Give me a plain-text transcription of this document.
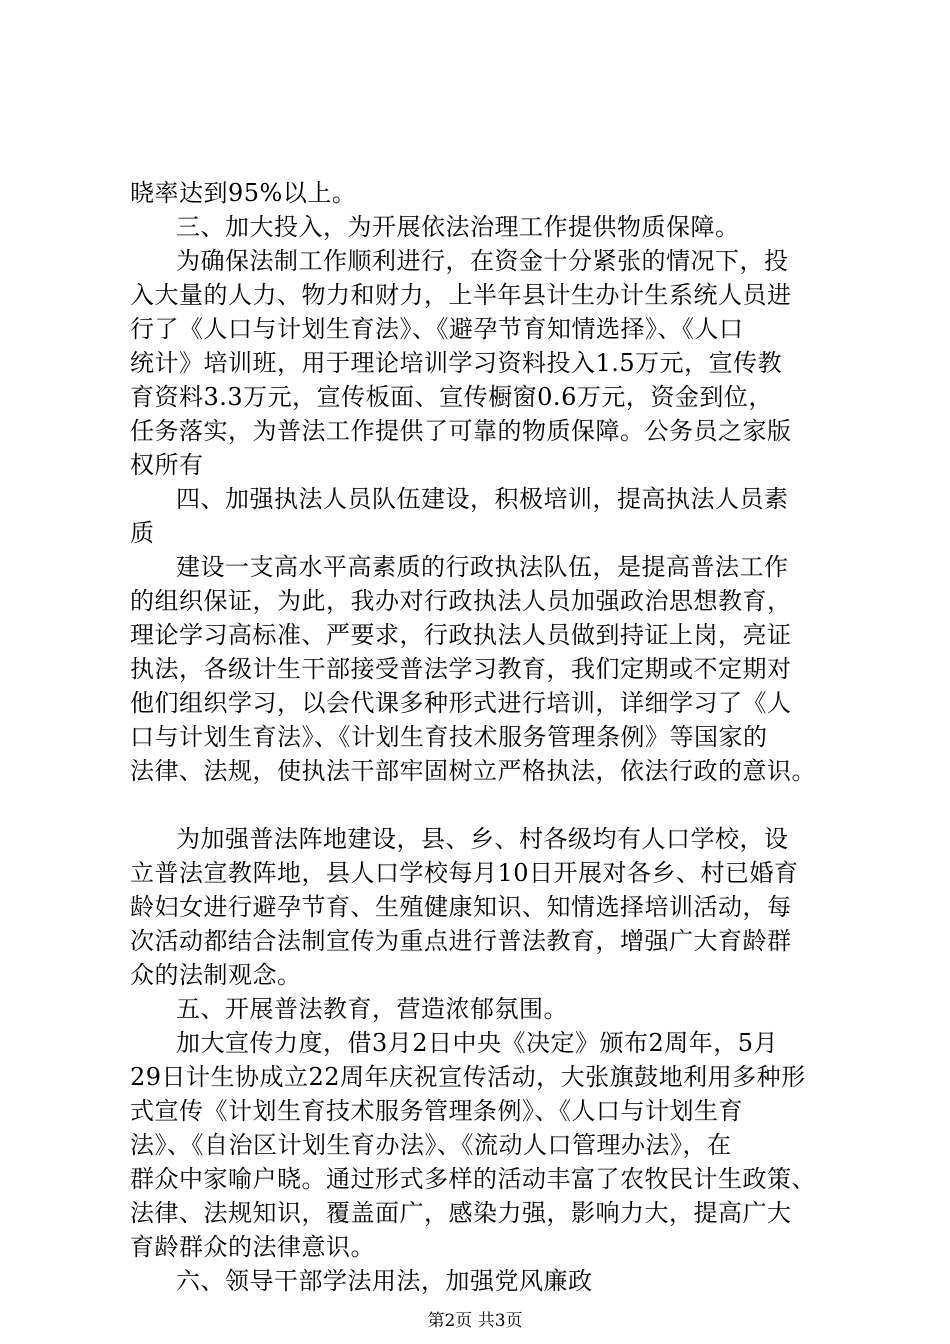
晓率达到95%以上。
三、加大投入，为开展依法治理工作提供物质保障。
为确保法制工作顺利进行，在资金十分紧张的情况下，投
入大量的人力、物力和财力，上半年县计生办计生系统人员进
行了《人口与计划生育法》、《避孕节育知情选择》、《人口
统计》培训班，用于理论培训学习资料投入1.5万元，宣传教
育资料3.3万元，宣传板面、宣传橱窗0.6万元，资金到位，
任务落实，为普法工作提供了可靠的物质保障。公务员之家版
权所有
四、加强执法人员队伍建设，积极培训，提高执法人员素
质
建设一支高水平高素质的行政执法队伍，是提高普法工作
的组织保证，为此，我办对行政执法人员加强政治思想教育，
理论学习高标准、严要求，行政执法人员做到持证上岗，亮证
执法，各级计生干部接受普法学习教育，我们定期或不定期对
他们组织学习，以会代课多种形式进行培训，详细学习了《人
口与计划生育法》、《计划生育技术服务管理条例》等国家的
法律、法规，使执法干部牢固树立严格执法，依法行政的意识。
为加强普法阵地建设，县、乡、村各级均有人口学校，设
立普法宣教阵地，县人口学校每月10日开展对各乡、村已婚育
龄妇女进行避孕节育、生殖健康知识、知情选择培训活动，每
次活动都结合法制宣传为重点进行普法教育，增强广大育龄群
众的法制观念。
五、开展普法教育，营造浓郁氛围。
加大宣传力度，借3月2日中央《决定》颁布2周年，5月
29日计生协成立22周年庆祝宣传活动，大张旗鼓地利用多种形
式宣传《计划生育技术服务管理条例》、《人口与计划生育
法》、《自治区计划生育办法》、《流动人口管理办法》，在
群众中家喻户晓。通过形式多样的活动丰富了农牧民计生政策、
法律、法规知识，覆盖面广，感染力强，影响力大，提高广大
育龄群众的法律意识。
六、领导干部学法用法，加强党风廉政
第2页 共3页
